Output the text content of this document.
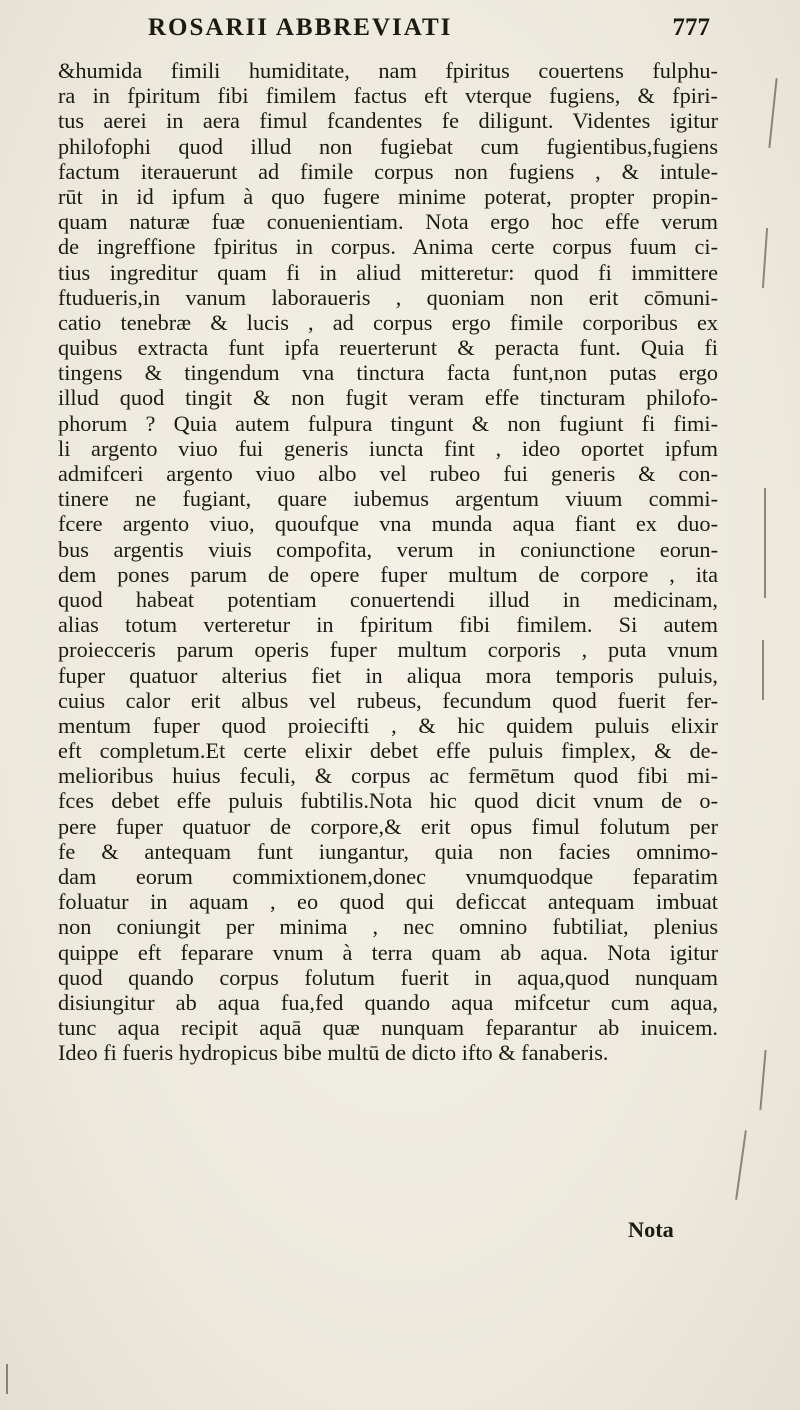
ROSARII ABBREVIATI	777
&humida fimili humiditate, nam fpiritus couertens fulphu-
ra in fpiritum fibi fimilem factus eft vterque fugiens, & fpiri-
tus aerei in aera fimul fcandentes fe diligunt. Videntes igitur
philofophi quod illud non fugiebat cum fugientibus,fugiens
factum iterauerunt ad fimile corpus non fugiens , & intule-
rūt in id ipfum à quo fugere minime poterat, propter propin-
quam naturæ fuæ conuenientiam. Nota ergo hoc effe verum
de ingreffione fpiritus in corpus. Anima certe corpus fuum ci-
tius ingreditur quam fi in aliud mitteretur: quod fi immittere
ftudueris,in vanum laboraueris , quoniam non erit cōmuni-
catio tenebræ & lucis , ad corpus ergo fimile corporibus ex
quibus extracta funt ipfa reuerterunt & peracta funt. Quia fi
tingens & tingendum vna tinctura facta funt,non putas ergo
illud quod tingit & non fugit veram effe tincturam philofo-
phorum ? Quia autem fulpura tingunt & non fugiunt fi fimi-
li argento viuo fui generis iuncta fint , ideo oportet ipfum
admifceri argento viuo albo vel rubeo fui generis & con-
tinere ne fugiant, quare iubemus argentum viuum commi-
fcere argento viuo, quoufque vna munda aqua fiant ex duo-
bus argentis viuis compofita, verum in coniunctione eorun-
dem pones parum de opere fuper multum de corpore , ita
quod habeat potentiam conuertendi illud in medicinam,
alias totum verteretur in fpiritum fibi fimilem. Si autem
proiecceris parum operis fuper multum corporis , puta vnum
fuper quatuor alterius fiet in aliqua mora temporis puluis,
cuius calor erit albus vel rubeus, fecundum quod fuerit fer-
mentum fuper quod proiecifti , & hic quidem puluis elixir
eft completum.Et certe elixir debet effe puluis fimplex, & de-
melioribus huius feculi, & corpus ac fermētum quod fibi mi-
fces debet effe puluis fubtilis.Nota hic quod dicit vnum de o-
pere fuper quatuor de corpore,& erit opus fimul folutum per
fe & antequam funt iungantur, quia non facies omnimo-
dam eorum commixtionem,donec vnumquodque feparatim
foluatur in aquam , eo quod qui deficcat antequam imbuat
non coniungit per minima , nec omnino fubtiliat, plenius
quippe eft feparare vnum à terra quam ab aqua. Nota igitur
quod quando corpus folutum fuerit in aqua,quod nunquam
disiungitur ab aqua fua,fed quando aqua mifcetur cum aqua,
tunc aqua recipit aquā quæ nunquam feparantur ab inuicem.
Ideo fi fueris hydropicus bibe multū de dicto ifto & fanaberis.
Nota
